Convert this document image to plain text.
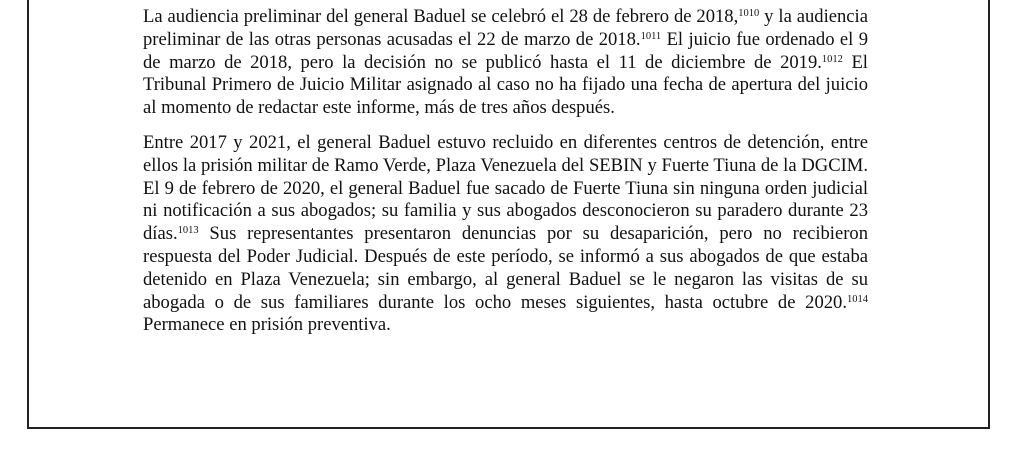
La audiencia preliminar del general Baduel se celebró el 28 de febrero de 2018,$^{1010}$ y la audiencia preliminar de las otras personas acusadas el 22 de marzo de 2018.$^{1011}$ El juicio fue ordenado el 9 de marzo de 2018, pero la decisión no se publicó hasta el 11 de diciembre de 2019.$^{1012}$ El Tribunal Primero de Juicio Militar asignado al caso no ha fijado una fecha de apertura del juicio al momento de redactar este informe, más de tres años después.

Entre 2017 y 2021, el general Baduel estuvo recluido en diferentes centros de detención, entre ellos la prisión militar de Ramo Verde, Plaza Venezuela del SEBIN y Fuerte Tiuna de la DGCIM. El 9 de febrero de 2020, el general Baduel fue sacado de Fuerte Tiuna sin ninguna orden judicial ni notificación a sus abogados; su familia y sus abogados desconocieron su paradero durante 23 días.$^{1013}$ Sus representantes presentaron denuncias por su desaparición, pero no recibieron respuesta del Poder Judicial. Después de este período, se informó a sus abogados de que estaba detenido en Plaza Venezuela; sin embargo, al general Baduel se le negaron las visitas de su abogada o de sus familiares durante los ocho meses siguientes, hasta octubre de 2020.$^{1014}$ Permanece en prisión preventiva.
